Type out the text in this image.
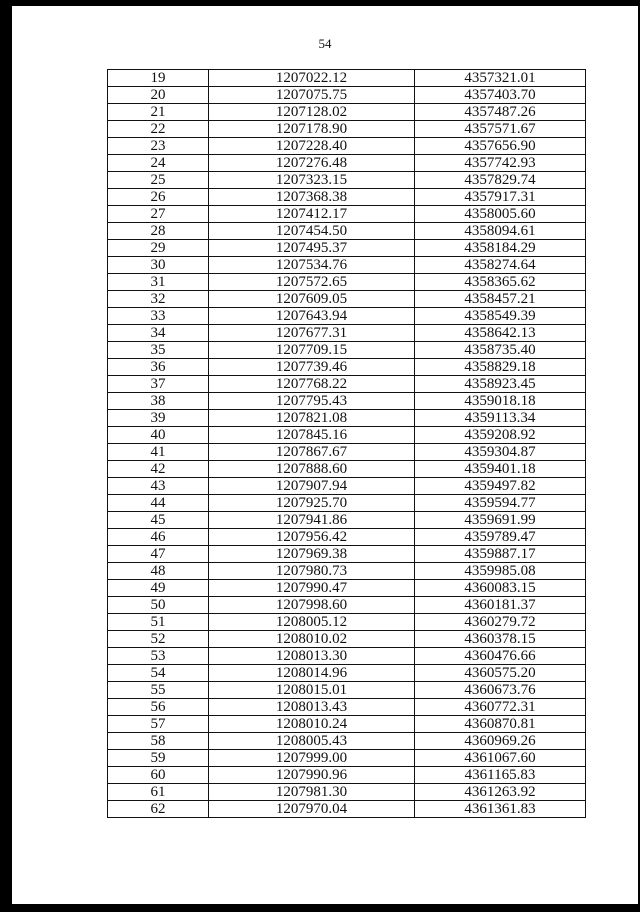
54
19	1207022.12	4357321.01
20	1207075.75	4357403.70
21	1207128.02	4357487.26
22	1207178.90	4357571.67
23	1207228.40	4357656.90
24	1207276.48	4357742.93
25	1207323.15	4357829.74
26	1207368.38	4357917.31
27	1207412.17	4358005.60
28	1207454.50	4358094.61
29	1207495.37	4358184.29
30	1207534.76	4358274.64
31	1207572.65	4358365.62
32	1207609.05	4358457.21
33	1207643.94	4358549.39
34	1207677.31	4358642.13
35	1207709.15	4358735.40
36	1207739.46	4358829.18
37	1207768.22	4358923.45
38	1207795.43	4359018.18
39	1207821.08	4359113.34
40	1207845.16	4359208.92
41	1207867.67	4359304.87
42	1207888.60	4359401.18
43	1207907.94	4359497.82
44	1207925.70	4359594.77
45	1207941.86	4359691.99
46	1207956.42	4359789.47
47	1207969.38	4359887.17
48	1207980.73	4359985.08
49	1207990.47	4360083.15
50	1207998.60	4360181.37
51	1208005.12	4360279.72
52	1208010.02	4360378.15
53	1208013.30	4360476.66
54	1208014.96	4360575.20
55	1208015.01	4360673.76
56	1208013.43	4360772.31
57	1208010.24	4360870.81
58	1208005.43	4360969.26
59	1207999.00	4361067.60
60	1207990.96	4361165.83
61	1207981.30	4361263.92
62	1207970.04	4361361.83
